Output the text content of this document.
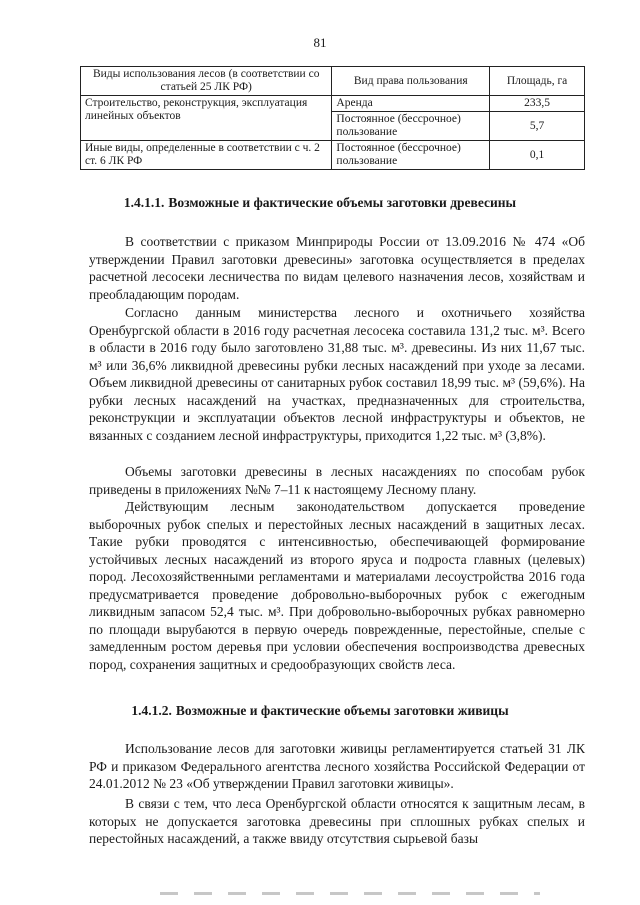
81
Виды использования лесов (в соответствии со статьей 25 ЛК РФ)	Вид права пользования	Площадь, га
Строительство, реконструкция, эксплуатация линейных объектов	Аренда	233,5
	Постоянное (бессрочное) пользование	5,7
Иные виды, определенные в соответствии с ч. 2 ст. 6 ЛК РФ	Постоянное (бессрочное) пользование	0,1
1.4.1.1. Возможные и фактические объемы заготовки древесины

В соответствии с приказом Минприроды России от 13.09.2016 № 474 «Об утверждении Правил заготовки древесины» заготовка осуществляется в пределах расчетной лесосеки лесничества по видам целевого назначения лесов, хозяйствам и преобладающим породам.

Согласно данным министерства лесного и охотничьего хозяйства Оренбургской области в 2016 году расчетная лесосека составила 131,2 тыс. м³. Всего в области в 2016 году было заготовлено 31,88 тыс. м³. древесины. Из них 11,67 тыс. м³ или 36,6% ликвидной древесины рубки лесных насаждений при уходе за лесами. Объем ликвидной древесины от санитарных рубок составил 18,99 тыс. м³ (59,6%). На рубки лесных насаждений на участках, предназначенных для строительства, реконструкции и эксплуатации объектов лесной инфраструктуры и объектов, не вязанных с созданием лесной инфраструктуры, приходится 1,22 тыс. м³ (3,8%).

Объемы заготовки древесины в лесных насаждениях по способам рубок приведены в приложениях №№ 7–11 к настоящему Лесному плану.

Действующим лесным законодательством допускается проведение выборочных рубок спелых и перестойных лесных насаждений в защитных лесах. Такие рубки проводятся с интенсивностью, обеспечивающей формирование устойчивых лесных насаждений из второго яруса и подроста главных (целевых) пород. Лесохозяйственными регламентами и материалами лесоустройства 2016 года предусматривается проведение добровольно-выборочных рубок с ежегодным ликвидным запасом 52,4 тыс. м³. При добровольно-выборочных рубках равномерно по площади вырубаются в первую очередь поврежденные, перестойные, спелые с замедленным ростом деревья при условии обеспечения воспроизводства древесных пород, сохранения защитных и средообразующих свойств леса.

1.4.1.2. Возможные и фактические объемы заготовки живицы

Использование лесов для заготовки живицы регламентируется статьей 31 ЛК РФ и приказом Федерального агентства лесного хозяйства Российской Федерации от 24.01.2012 № 23 «Об утверждении Правил заготовки живицы».

В связи с тем, что леса Оренбургской области относятся к защитным лесам, в которых не допускается заготовка древесины при сплошных рубках спелых и перестойных насаждений, а также ввиду отсутствия сырьевой базы
